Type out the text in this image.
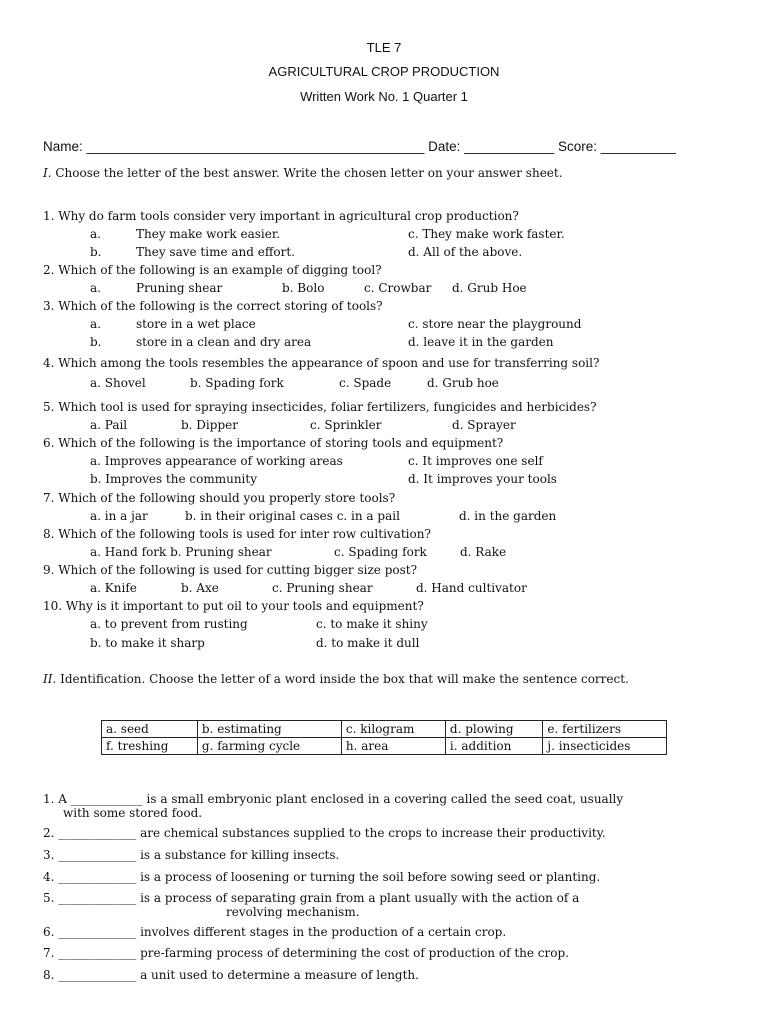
TLE 7
AGRICULTURAL CROP PRODUCTION
Written Work No. 1 Quarter 1
Name: _____________________________________________ Date: ____________ Score: __________
I. Choose the letter of the best answer. Write the chosen letter on your answer sheet.
1. Why do farm tools consider very important in agricultural crop production?
a.	They make work easier.	c. They make work faster.
b.	They save time and effort.	d. All of the above.
2. Which of the following is an example of digging tool?
a.	Pruning shear	b. Bolo	c. Crowbar d. Grub Hoe
3. Which of the following is the correct storing of tools?
a.	store in a wet place	c. store near the playground
b.	store in a clean and dry area	d. leave it in the garden
4. Which among the tools resembles the appearance of spoon and use for transferring soil?
a. Shovel	b. Spading fork	c. Spade	d. Grub hoe
5. Which tool is used for spraying insecticides, foliar fertilizers, fungicides and herbicides?
a. Pail	b. Dipper	c. Sprinkler	d. Sprayer
6. Which of the following is the importance of storing tools and equipment?
a. Improves appearance of working areas	c. It improves one self
b. Improves the community	d. It improves your tools
7. Which of the following should you properly store tools?
a. in a jar	b. in their original cases c. in a pail	d. in the garden
8. Which of the following tools is used for inter row cultivation?
a. Hand fork b. Pruning shear	c. Spading fork	d. Rake
9. Which of the following is used for cutting bigger size post?
a. Knife	b. Axe	c. Pruning shear	d. Hand cultivator
10. Why is it important to put oil to your tools and equipment?
a. to prevent from rusting	c. to make it shiny
b. to make it sharp	d. to make it dull
II. Identification. Choose the letter of a word inside the box that will make the sentence correct.
a. seed	b. estimating	c. kilogram	d. plowing	e. fertilizers
f. treshing	g. farming cycle	h. area	i. addition	j. insecticides
1. A ____________ is a small embryonic plant enclosed in a covering called the seed coat, usually
with some stored food.
2. _____________ are chemical substances supplied to the crops to increase their productivity.
3. _____________ is a substance for killing insects.
4. _____________ is a process of loosening or turning the soil before sowing seed or planting.
5. _____________ is a process of separating grain from a plant usually with the action of a
revolving mechanism.
6. _____________ involves different stages in the production of a certain crop.
7. _____________ pre-farming process of determining the cost of production of the crop.
8. _____________ a unit used to determine a measure of length.
